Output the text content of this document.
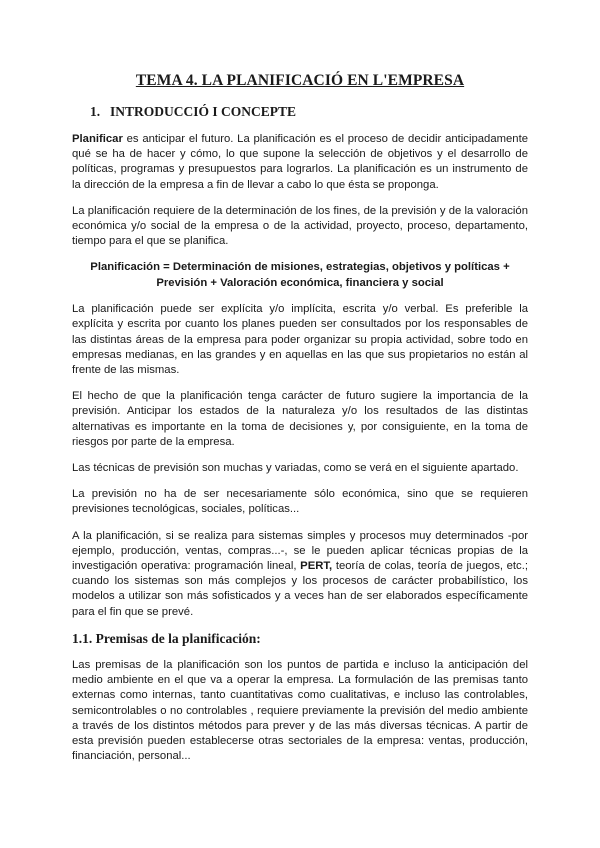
TEMA 4. LA PLANIFICACIÓ EN L'EMPRESA
1. INTRODUCCIÓ I CONCEPTE

Planificar es anticipar el futuro. La planificación es el proceso de decidir anticipadamente qué se ha de hacer y cómo, lo que supone la selección de objetivos y el desarrollo de políticas, programas y presupuestos para lograrlos. La planificación es un instrumento de la dirección de la empresa a fin de llevar a cabo lo que ésta se proponga.

La planificación requiere de la determinación de los fines, de la previsión y de la valoración económica y/o social de la empresa o de la actividad, proyecto, proceso, departamento, tiempo para el que se planifica.

Planificación = Determinación de misiones, estrategias, objetivos y políticas +
Previsión + Valoración económica, financiera y social

La planificación puede ser explícita y/o implícita, escrita y/o verbal. Es preferible la explícita y escrita por cuanto los planes pueden ser consultados por los responsables de las distintas áreas de la empresa para poder organizar su propia actividad, sobre todo en empresas medianas, en las grandes y en aquellas en las que sus propietarios no están al frente de las mismas.

El hecho de que la planificación tenga carácter de futuro sugiere la importancia de la previsión. Anticipar los estados de la naturaleza y/o los resultados de las distintas alternativas es importante en la toma de decisiones y, por consiguiente, en la toma de riesgos por parte de la empresa.

Las técnicas de previsión son muchas y variadas, como se verá en el siguiente apartado.

La previsión no ha de ser necesariamente sólo económica, sino que se requieren previsiones tecnológicas, sociales, políticas...

A la planificación, si se realiza para sistemas simples y procesos muy determinados -por ejemplo, producción, ventas, compras...-, se le pueden aplicar técnicas propias de la investigación operativa: programación lineal, PERT, teoría de colas, teoría de juegos, etc.; cuando los sistemas son más complejos y los procesos de carácter probabilístico, los modelos a utilizar son más sofisticados y a veces han de ser elaborados específicamente para el fin que se prevé.

1.1. Premisas de la planificación:

Las premisas de la planificación son los puntos de partida e incluso la anticipación del medio ambiente en el que va a operar la empresa. La formulación de las premisas tanto externas como internas, tanto cuantitativas como cualitativas, e incluso las controlables, semicontrolables o no controlables , requiere previamente la previsión del medio ambiente a través de los distintos métodos para prever y de las más diversas técnicas. A partir de esta previsión pueden establecerse otras sectoriales de la empresa: ventas, producción, financiación, personal...
